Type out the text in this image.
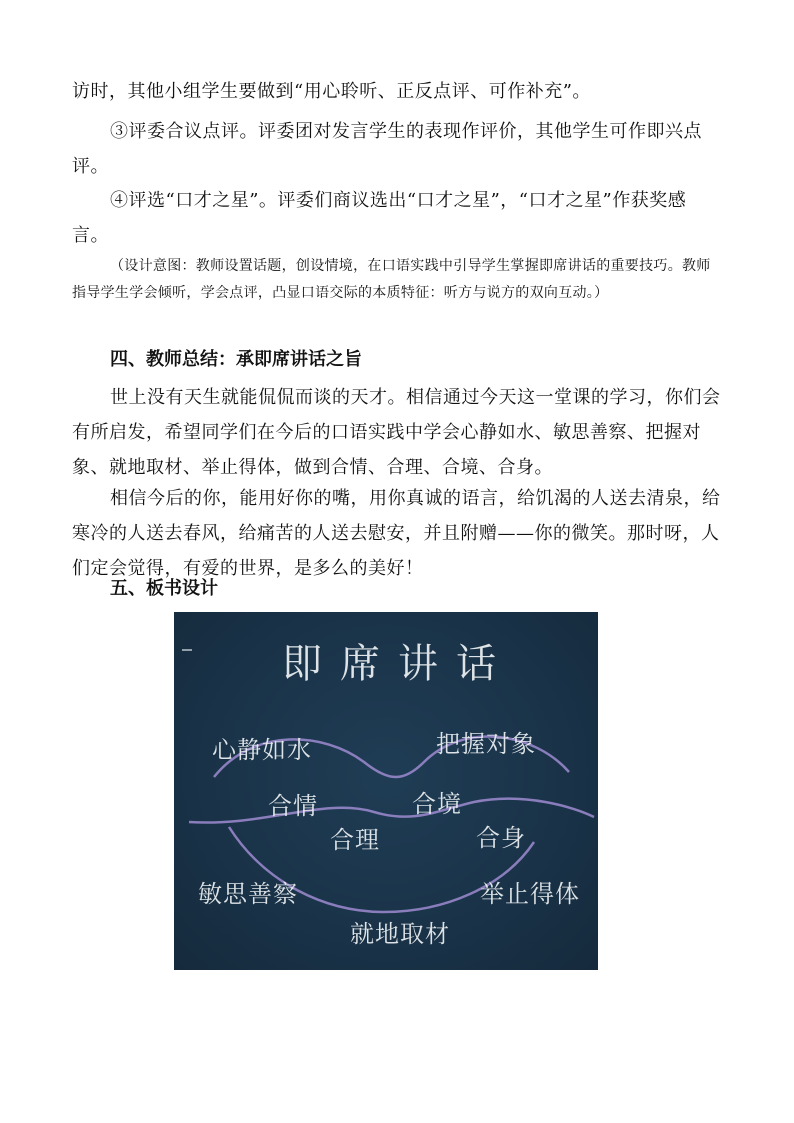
访时，其他小组学生要做到“用心聆听、正反点评、可作补充”。

③评委合议点评。评委团对发言学生的表现作评价，其他学生可作即兴点评。

④评选“口才之星”。评委们商议选出“口才之星”，“口才之星”作获奖感言。

（设计意图：教师设置话题，创设情境，在口语实践中引导学生掌握即席讲话的重要技巧。教师指导学生学会倾听，学会点评，凸显口语交际的本质特征：听方与说方的双向互动。）

四、教师总结：承即席讲话之旨

世上没有天生就能侃侃而谈的天才。相信通过今天这一堂课的学习，你们会有所启发，希望同学们在今后的口语实践中学会心静如水、敏思善察、把握对象、就地取材、举止得体，做到合情、合理、合境、合身。

相信今后的你，能用好你的嘴，用你真诚的语言，给饥渴的人送去清泉，给寒冷的人送去春风，给痛苦的人送去慰安，并且附赠——你的微笑。那时呀，人们定会觉得，有爱的世界，是多么的美好！

五、板书设计
即席讲话
心静如水	把握对象
合情	合境
合理	合身
敏思善察	举止得体
就地取材
